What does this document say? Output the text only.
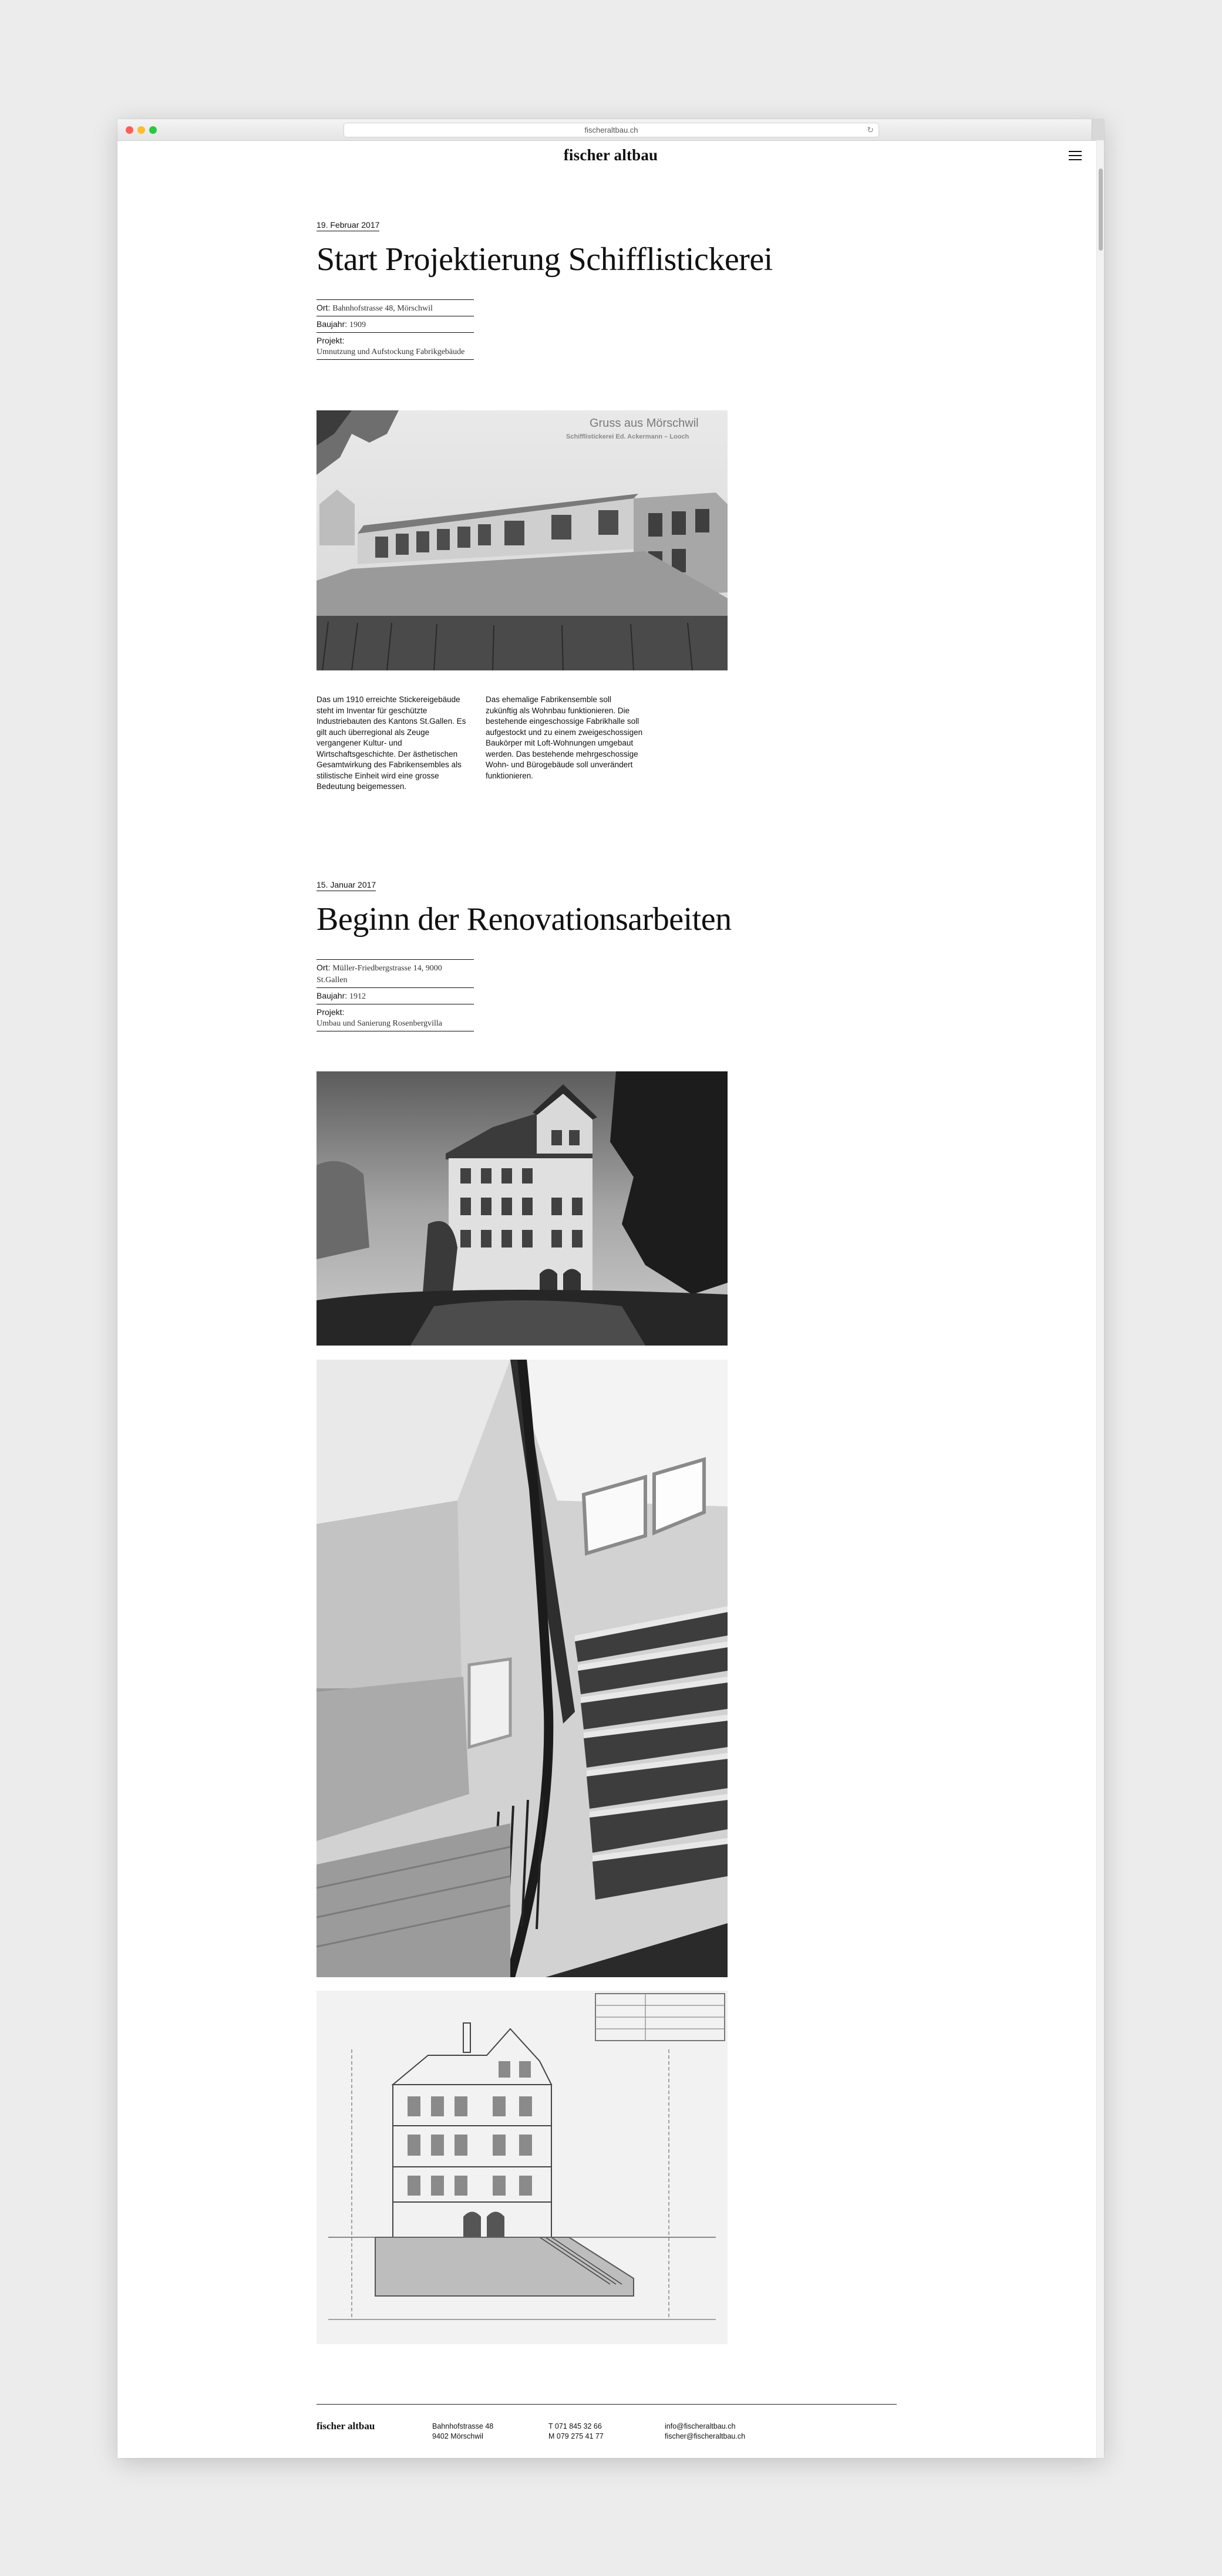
fischeraltbau.ch	↻
fischer altbau
19. Februar 2017
Start Projektierung Schifflistickerei
Ort: Bahnhofstrasse 48, Mörschwil
Baujahr: 1909
Projekt:
Umnutzung und Aufstockung Fabrikgebäude
Gruss aus Mörschwil
Schifflistickerei Ed. Ackermann – Looch
Das um 1910 erreichte Stickereigebäude steht im Inventar für geschützte Industriebauten des Kantons St.Gallen. Es gilt auch überregional als Zeuge vergangener Kultur- und Wirtschaftsgeschichte. Der ästhetischen Gesamtwirkung des Fabrikensembles als stilistische Einheit wird eine grosse Bedeutung beigemessen.
Das ehemalige Fabrikensemble soll zukünftig als Wohnbau funktionieren. Die bestehende eingeschossige Fabrikhalle soll aufgestockt und zu einem zweigeschossigen Baukörper mit Loft-Wohnungen umgebaut werden. Das bestehende mehrgeschossige Wohn- und Bürogebäude soll unverändert funktionieren.
15. Januar 2017
Beginn der Renovationsarbeiten
Ort: Müller-Friedbergstrasse 14, 9000 St.Gallen
Baujahr: 1912
Projekt:
Umbau und Sanierung Rosenbergvilla
fischer altbau	Bahnhofstrasse 48
9402 Mörschwil
T 071 845 32 66
M 079 275 41 77
info@fischeraltbau.ch
fischer@fischeraltbau.ch
